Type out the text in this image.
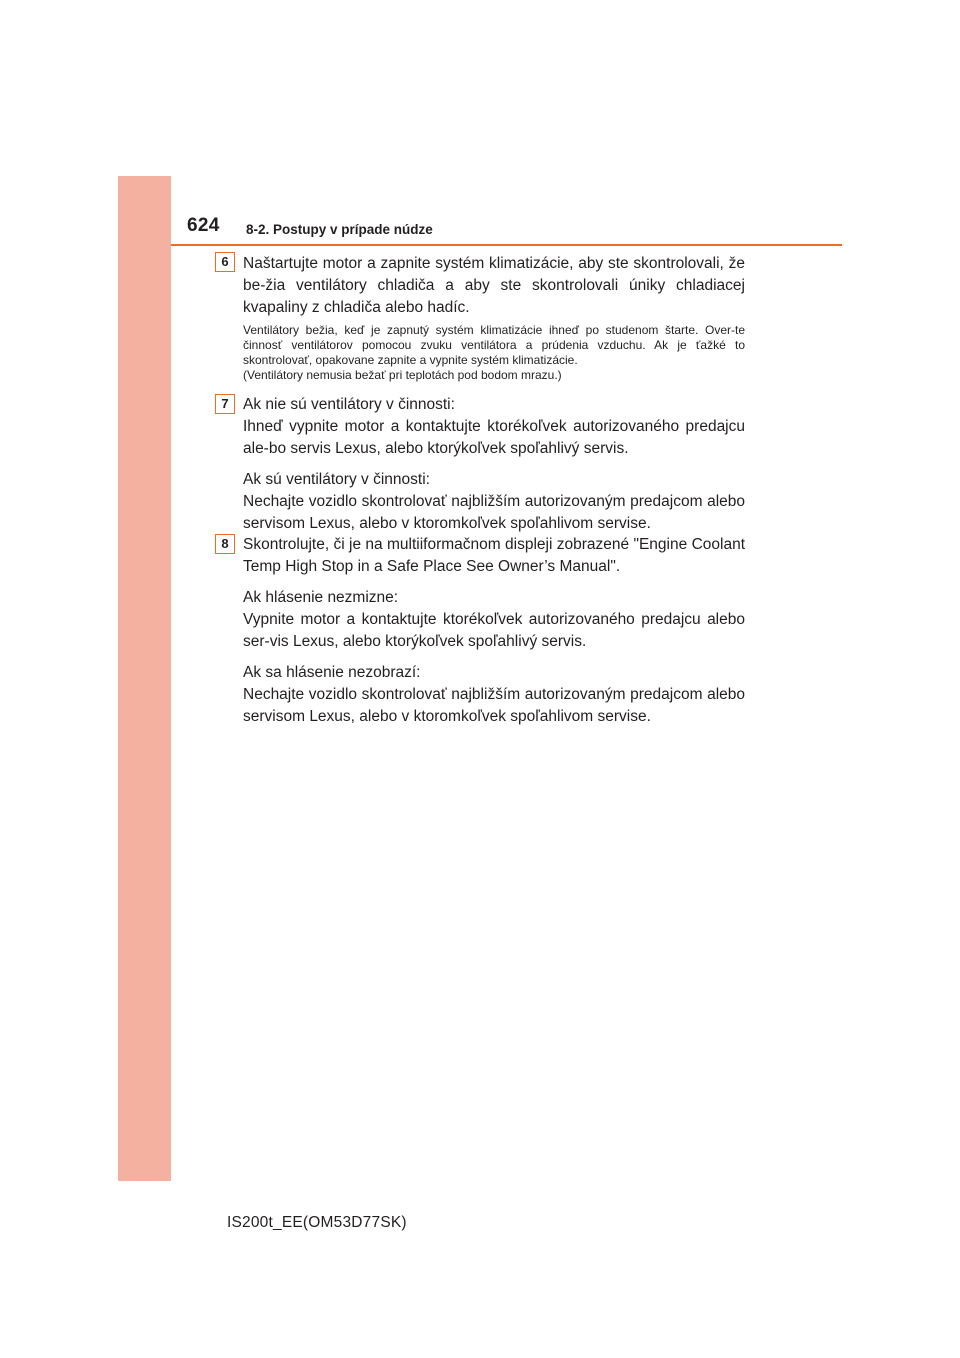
624 8-2. Postupy v prípade núdze
6 Naštartujte motor a zapnite systém klimatizácie, aby ste skontrolovali, že be-žia ventilátory chladiča a aby ste skontrolovali úniky chladiacej kvapaliny z chladiča alebo hadíc.

Ventilátory bežia, keď je zapnutý systém klimatizácie ihneď po studenom štarte. Over-te činnosť ventilátorov pomocou zvuku ventilátora a prúdenia vzduchu. Ak je ťažké to skontrolovať, opakovane zapnite a vypnite systém klimatizácie.

(Ventilátory nemusia bežať pri teplotách pod bodom mrazu.)

7 Ak nie sú ventilátory v činnosti:

Ihneď vypnite motor a kontaktujte ktorékoľvek autorizovaného predajcu ale-bo servis Lexus, alebo ktorýkoľvek spoľahlivý servis.

Ak sú ventilátory v činnosti:

Nechajte vozidlo skontrolovať najbližším autorizovaným predajcom alebo servisom Lexus, alebo v ktoromkoľvek spoľahlivom servise.

8 Skontrolujte, či je na multiiformačnom displeji zobrazené "Engine Coolant Temp High Stop in a Safe Place See Owner’s Manual".

Ak hlásenie nezmizne:

Vypnite motor a kontaktujte ktorékoľvek autorizovaného predajcu alebo ser-vis Lexus, alebo ktorýkoľvek spoľahlivý servis.

Ak sa hlásenie nezobrazí:

Nechajte vozidlo skontrolovať najbližším autorizovaným predajcom alebo servisom Lexus, alebo v ktoromkoľvek spoľahlivom servise.

IS200t_EE(OM53D77SK)
